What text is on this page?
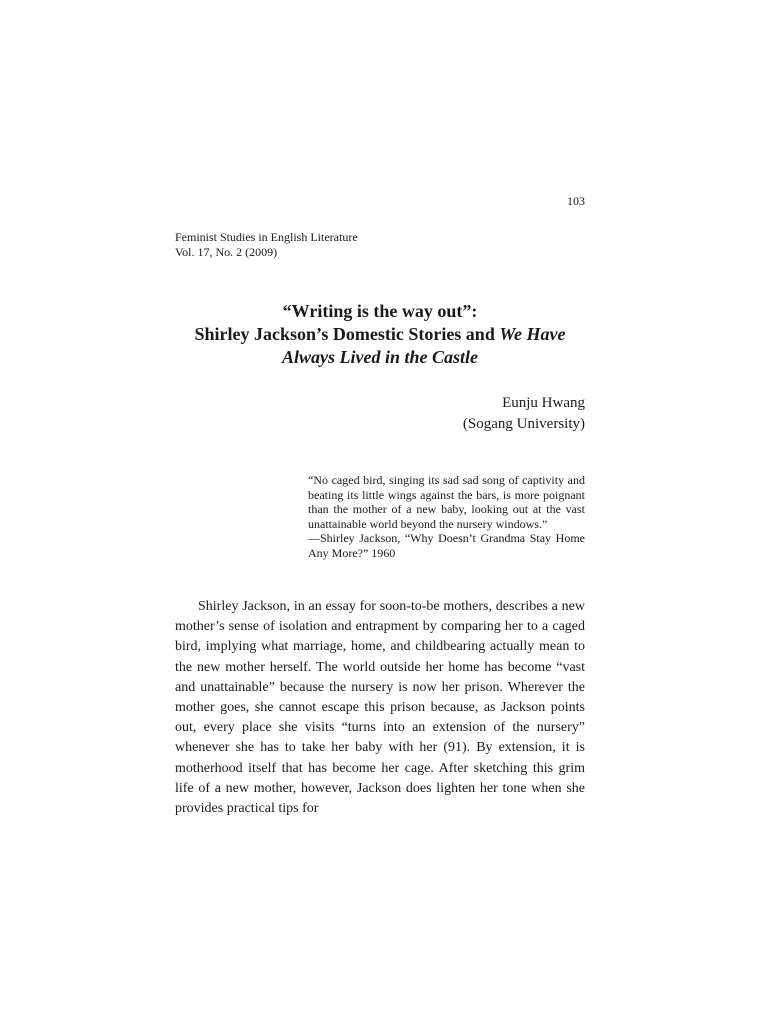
103
Feminist Studies in English Literature
Vol. 17, No. 2 (2009)
“Writing is the way out”:
Shirley Jackson’s Domestic Stories and We Have
Always Lived in the Castle
Eunju Hwang
(Sogang University)

“No caged bird, singing its sad sad song of captivity and beating its little wings against the bars, is more poignant than the mother of a new baby, looking out at the vast unattainable world beyond the nursery windows.”

—Shirley Jackson, “Why Doesn’t Grandma Stay Home Any More?” 1960

Shirley Jackson, in an essay for soon-to-be mothers, describes a new mother’s sense of isolation and entrapment by comparing her to a caged bird, implying what marriage, home, and childbearing actually mean to the new mother herself. The world outside her home has become “vast and unattainable” because the nursery is now her prison. Wherever the mother goes, she cannot escape this prison because, as Jackson points out, every place she visits “turns into an extension of the nursery” whenever she has to take her baby with her (91). By extension, it is motherhood itself that has become her cage. After sketching this grim life of a new mother, however, Jackson does lighten her tone when she provides practical tips for
